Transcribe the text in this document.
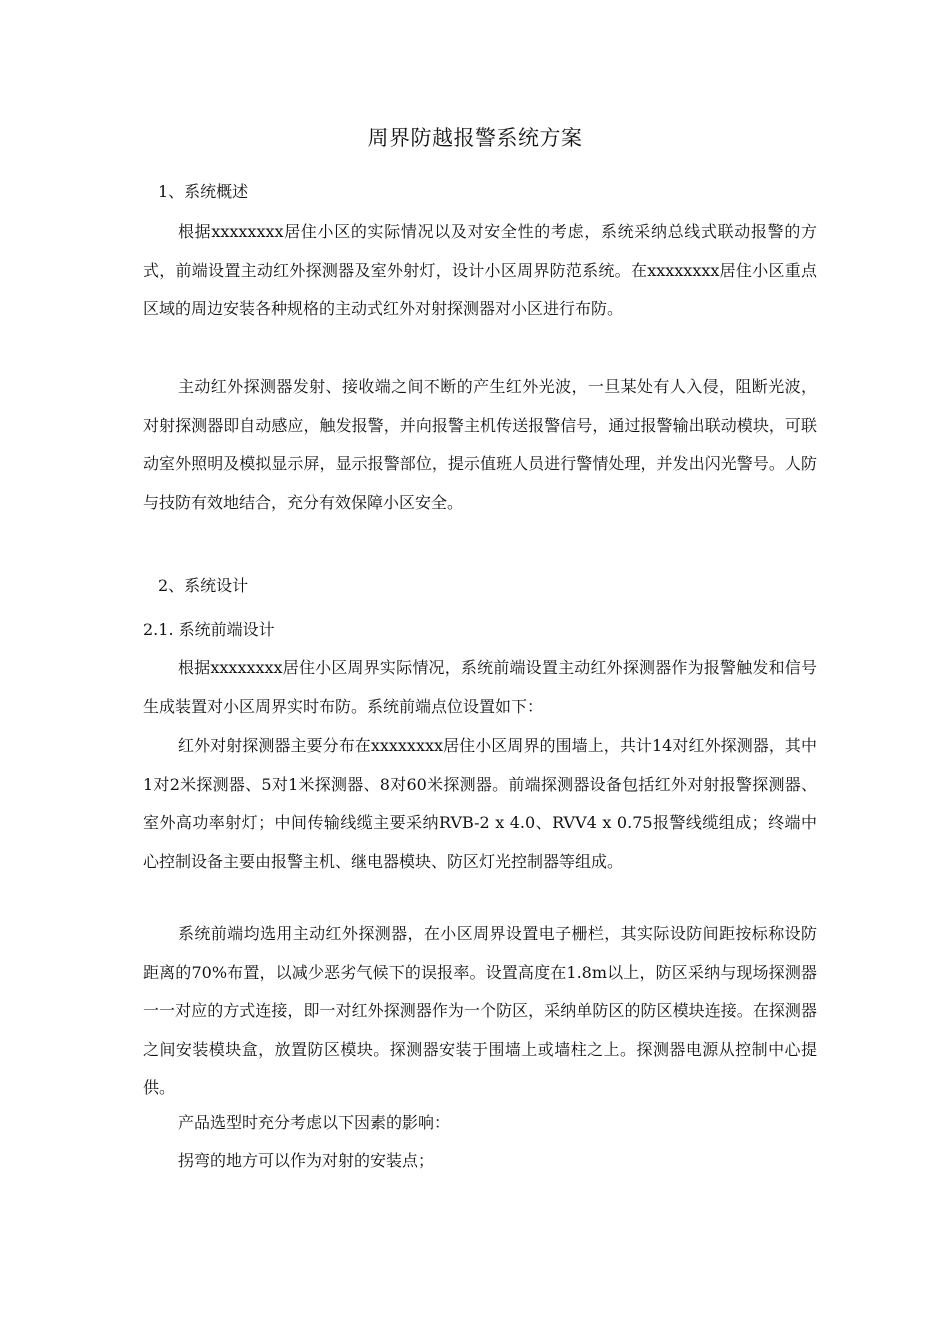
周界防越报警系统方案
1、系统概述

根据xxxxxxxx居住小区的实际情况以及对安全性的考虑，系统采纳总线式联动报警的方式，前端设置主动红外探测器及室外射灯，设计小区周界防范系统。在xxxxxxxx居住小区重点区域的周边安装各种规格的主动式红外对射探测器对小区进行布防。

主动红外探测器发射、接收端之间不断的产生红外光波，一旦某处有人入侵，阻断光波，对射探测器即自动感应，触发报警，并向报警主机传送报警信号，通过报警输出联动模块，可联动室外照明及模拟显示屏，显示报警部位，提示值班人员进行警情处理，并发出闪光警号。人防与技防有效地结合，充分有效保障小区安全。

2、系统设计
2.1. 系统前端设计

根据xxxxxxxx居住小区周界实际情况，系统前端设置主动红外探测器作为报警触发和信号生成装置对小区周界实时布防。系统前端点位设置如下：

红外对射探测器主要分布在xxxxxxxx居住小区周界的围墙上，共计14对红外探测器，其中1对2米探测器、5对1米探测器、8对60米探测器。前端探测器设备包括红外对射报警探测器、室外高功率射灯；中间传输线缆主要采纳RVB-2 x 4.0、RVV4 x 0.75报警线缆组成；终端中心控制设备主要由报警主机、继电器模块、防区灯光控制器等组成。

系统前端均选用主动红外探测器，在小区周界设置电子栅栏，其实际设防间距按标称设防距离的70%布置，以减少恶劣气候下的误报率。设置高度在1.8m以上，防区采纳与现场探测器一一对应的方式连接，即一对红外探测器作为一个防区，采纳单防区的防区模块连接。在探测器之间安装模块盒，放置防区模块。探测器安装于围墙上或墙柱之上。探测器电源从控制中心提供。

产品选型时充分考虑以下因素的影响：

拐弯的地方可以作为对射的安装点；
